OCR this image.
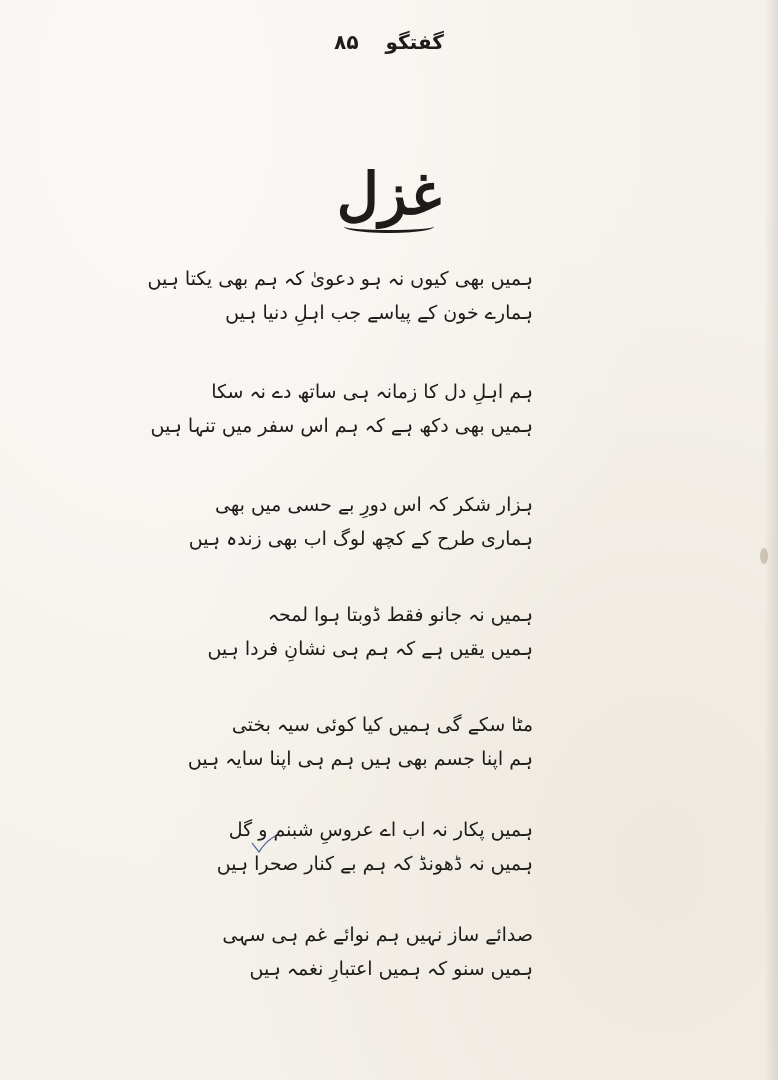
گفتگو ۸۵
غزل
ہمیں بھی کیوں نہ ہو دعویٰ کہ ہم بھی یکتا ہیں
ہمارے خون کے پیاسے جب اہلِ دنیا ہیں
ہم اہلِ دل کا زمانہ ہی ساتھ دے نہ سکا
ہمیں بھی دکھ ہے کہ ہم اس سفر میں تنہا ہیں
ہزار شکر کہ اس دورِ بے حسی میں بھی
ہماری طرح کے کچھ لوگ اب بھی زندہ ہیں
ہمیں نہ جانو فقط ڈوبتا ہوا لمحہ
ہمیں یقیں ہے کہ ہم ہی نشانِ فردا ہیں
مٹا سکے گی ہمیں کیا کوئی سیہ بختی
ہم اپنا جسم بھی ہیں ہم ہی اپنا سایہ ہیں
ہمیں پکار نہ اب اے عروسِ شبنم و گل
ہمیں نہ ڈھونڈ کہ ہم بے کنار صحرا ہیں
صدائے ساز نہیں ہم نوائے غم ہی سہی
ہمیں سنو کہ ہمیں اعتبارِ نغمہ ہیں
